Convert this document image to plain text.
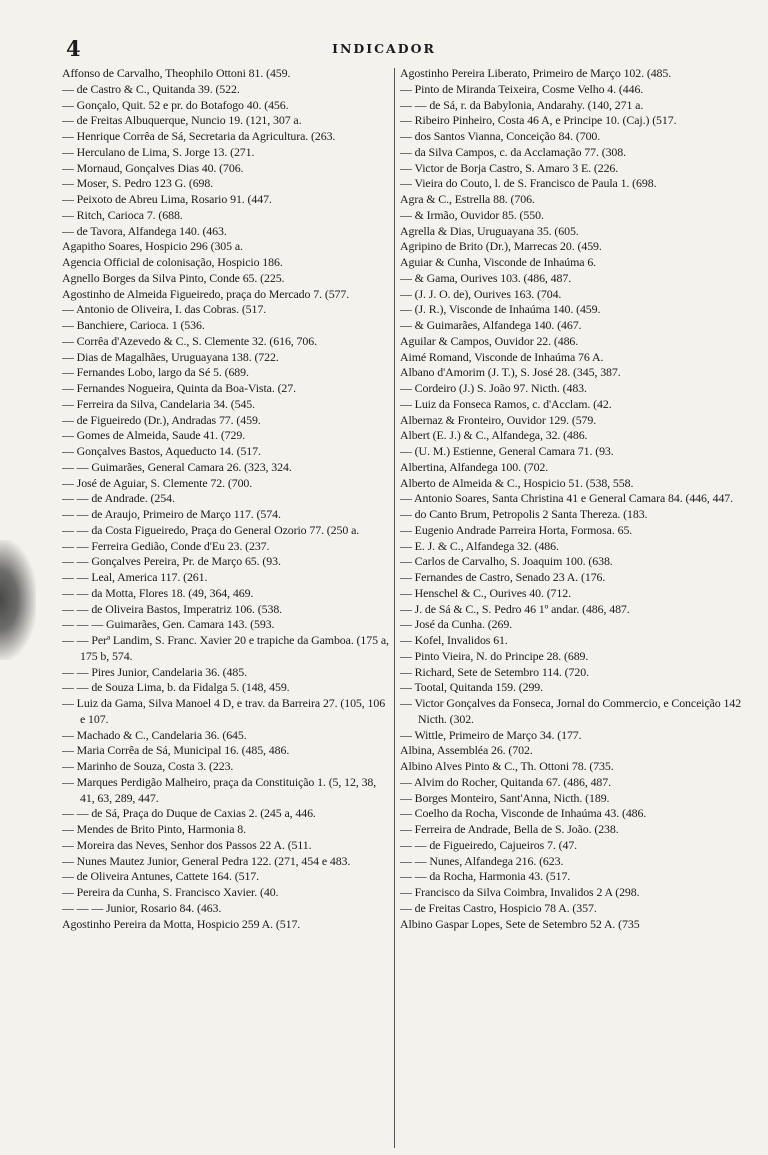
4	INDICADOR

Affonso de Carvalho, Theophilo Ottoni 81. (459.

— de Castro & C., Quitanda 39. (522.

— Gonçalo, Quit. 52 e pr. do Botafogo 40. (456.

— de Freitas Albuquerque, Nuncio 19. (121, 307 a.

— Henrique Corrêa de Sá, Secretaria da Agricultura. (263.

— Herculano de Lima, S. Jorge 13. (271.

— Mornaud, Gonçalves Dias 40. (706.

— Moser, S. Pedro 123 G. (698.

— Peixoto de Abreu Lima, Rosario 91. (447.

— Ritch, Carioca 7. (688.

— de Tavora, Alfandega 140. (463.

Agapitho Soares, Hospicio 296 (305 a.

Agencia Official de colonisação, Hospicio 186.

Agnello Borges da Silva Pinto, Conde 65. (225.

Agostinho de Almeida Figueiredo, praça do Mercado 7. (577.

— Antonio de Oliveira, I. das Cobras. (517.

— Banchiere, Carioca. 1 (536.

— Corrêa d'Azevedo & C., S. Clemente 32. (616, 706.

— Dias de Magalhães, Uruguayana 138. (722.

— Fernandes Lobo, largo da Sé 5. (689.

— Fernandes Nogueira, Quinta da Boa-Vista. (27.

— Ferreira da Silva, Candelaria 34. (545.

— de Figueiredo (Dr.), Andradas 77. (459.

— Gomes de Almeida, Saude 41. (729.

— Gonçalves Bastos, Aqueducto 14. (517.

— — Guimarães, General Camara 26. (323, 324.

— José de Aguiar, S. Clemente 72. (700.

— — de Andrade. (254.

— — de Araujo, Primeiro de Março 117. (574.

— — da Costa Figueiredo, Praça do General Ozorio 77. (250 a.

— — Ferreira Gedião, Conde d'Eu 23. (237.

— — Gonçalves Pereira, Pr. de Março 65. (93.

— — Leal, America 117. (261.

— — da Motta, Flores 18. (49, 364, 469.

— — de Oliveira Bastos, Imperatriz 106. (538.

— — — Guimarães, Gen. Camara 143. (593.

— — Perª Landim, S. Franc. Xavier 20 e trapiche da Gamboa. (175 a, 175 b, 574.

— — Pires Junior, Candelaria 36. (485.

— — de Souza Lima, b. da Fidalga 5. (148, 459.

— Luiz da Gama, Silva Manoel 4 D, e trav. da Barreira 27. (105, 106 e 107.

— Machado & C., Candelaria 36. (645.

— Maria Corrêa de Sá, Municipal 16. (485, 486.

— Marinho de Souza, Costa 3. (223.

— Marques Perdigão Malheiro, praça da Constituição 1. (5, 12, 38, 41, 63, 289, 447.

— — de Sá, Praça do Duque de Caxias 2. (245 a, 446.

— Mendes de Brito Pinto, Harmonia 8.

— Moreira das Neves, Senhor dos Passos 22 A. (511.

— Nunes Mautez Junior, General Pedra 122. (271, 454 e 483.

— de Oliveira Antunes, Cattete 164. (517.

— Pereira da Cunha, S. Francisco Xavier. (40.

— — — Junior, Rosario 84. (463.

Agostinho Pereira da Motta, Hospicio 259 A. (517.

Agostinho Pereira Liberato, Primeiro de Março 102. (485.

— Pinto de Miranda Teixeira, Cosme Velho 4. (446.

— — de Sá, r. da Babylonia, Andarahy. (140, 271 a.

— Ribeiro Pinheiro, Costa 46 A, e Principe 10. (Caj.) (517.

— dos Santos Vianna, Conceição 84. (700.

— da Silva Campos, c. da Acclamação 77. (308.

— Victor de Borja Castro, S. Amaro 3 E. (226.

— Vieira do Couto, l. de S. Francisco de Paula 1. (698.

Agra & C., Estrella 88. (706.

— & Irmão, Ouvidor 85. (550.

Agrella & Dias, Uruguayana 35. (605.

Agripino de Brito (Dr.), Marrecas 20. (459.

Aguiar & Cunha, Visconde de Inhaúma 6.

— & Gama, Ourives 103. (486, 487.

— (J. J. O. de), Ourives 163. (704.

— (J. R.), Visconde de Inhaúma 140. (459.

— & Guimarães, Alfandega 140. (467.

Aguilar & Campos, Ouvidor 22. (486.

Aimé Romand, Visconde de Inhaúma 76 A.

Albano d'Amorim (J. T.), S. José 28. (345, 387.

— Cordeiro (J.) S. João 97. Nicth. (483.

— Luiz da Fonseca Ramos, c. d'Acclam. (42.

Albernaz & Fronteiro, Ouvidor 129. (579.

Albert (E. J.) & C., Alfandega, 32. (486.

— (U. M.) Estienne, General Camara 71. (93.

Albertina, Alfandega 100. (702.

Alberto de Almeida & C., Hospicio 51. (538, 558.

— Antonio Soares, Santa Christina 41 e General Camara 84. (446, 447.

— do Canto Brum, Petropolis 2 Santa Thereza. (183.

— Eugenio Andrade Parreira Horta, Formosa. 65.

— E. J. & C., Alfandega 32. (486.

— Carlos de Carvalho, S. Joaquim 100. (638.

— Fernandes de Castro, Senado 23 A. (176.

— Henschel & C., Ourives 40. (712.

— J. de Sá & C., S. Pedro 46 1º andar. (486, 487.

— José da Cunha. (269.

— Kofel, Invalidos 61.

— Pinto Vieira, N. do Principe 28. (689.

— Richard, Sete de Setembro 114. (720.

— Tootal, Quitanda 159. (299.

— Victor Gonçalves da Fonseca, Jornal do Commercio, e Conceição 142 Nicth. (302.

— Wittle, Primeiro de Março 34. (177.

Albina, Assembléa 26. (702.

Albino Alves Pinto & C., Th. Ottoni 78. (735.

— Alvim do Rocher, Quitanda 67. (486, 487.

— Borges Monteiro, Sant'Anna, Nicth. (189.

— Coelho da Rocha, Visconde de Inhaúma 43. (486.

— Ferreira de Andrade, Bella de S. João. (238.

— — de Figueiredo, Cajueiros 7. (47.

— — Nunes, Alfandega 216. (623.

— — da Rocha, Harmonia 43. (517.

— Francisco da Silva Coimbra, Invalidos 2 A (298.

— de Freitas Castro, Hospicio 78 A. (357.

Albino Gaspar Lopes, Sete de Setembro 52 A. (735
